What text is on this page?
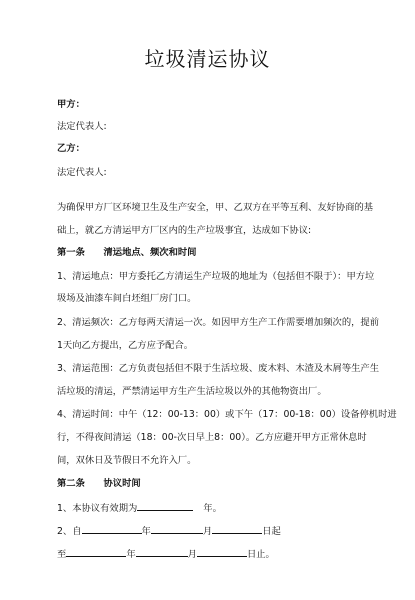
垃圾清运协议
甲方：
法定代表人:
乙方：
法定代表人:
为确保甲方厂区环境卫生及生产安全，甲、乙双方在平等互利、友好协商的基
础上，就乙方清运甲方厂区内的生产垃圾事宜，达成如下协议:
第一条　　清运地点、频次和时间
1、清运地点：甲方委托乙方清运生产垃圾的地址为（包括但不限于）：甲方垃
圾场及油漆车间白坯组厂房门口。
2、清运频次：乙方每两天清运一次。如因甲方生产工作需要增加频次的，提前
1天向乙方提出，乙方应予配合。
3、清运范围：乙方负责包括但不限于生活垃圾、废木料、木渣及木屑等生产生
活垃圾的清运，严禁清运甲方生产生活垃圾以外的其他物资出厂。
4、清运时间：中午（12：00-13：00）或下午（17：00-18：00）设备停机时进
行，不得夜间清运（18：00-次日早上8：00）。乙方应避开甲方正常休息时
间，双休日及节假日不允许入厂。
第二条　　协议时间
1、本协议有效期为	年。
2、自	年	月	日起
至	年	月	日止。
